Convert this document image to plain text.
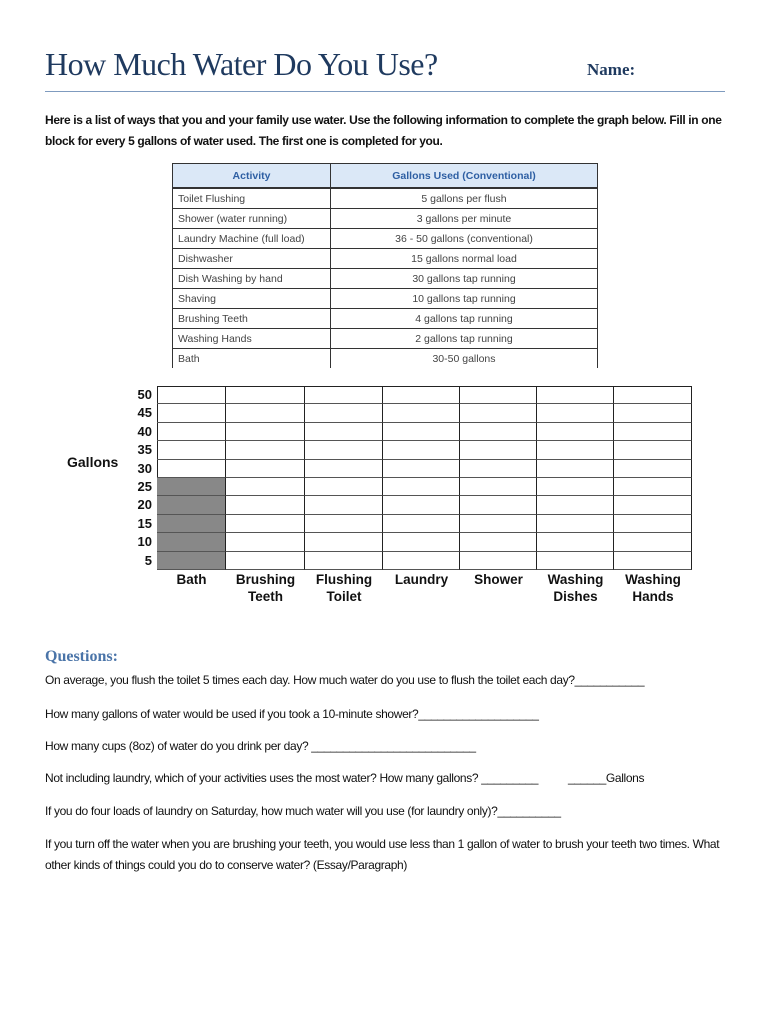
How Much Water Do You Use?	Name:
Here is a list of ways that you and your family use water. Use the following information to complete the graph below. Fill in one block for every 5 gallons of water used. The first one is completed for you.
Activity	Gallons Used (Conventional)
Toilet Flushing	5 gallons per flush
Shower (water running)	3 gallons per minute
Laundry Machine (full load)	36 - 50 gallons (conventional)
Dishwasher	15 gallons normal load
Dish Washing by hand	30 gallons tap running
Shaving	10 gallons tap running
Brushing Teeth	4 gallons tap running
Washing Hands	2 gallons tap running
Bath	30-50 gallons
Gallons
50
45
40
35
30
25
20
15
10
5
Bath	Brushing
Teeth
Flushing
Toilet
Laundry	Shower	Washing
Dishes
Washing
Hands
Questions:
On average, you flush the toilet 5 times each day. How much water do you use to flush the toilet each day?___________
How many gallons of water would be used if you took a 10-minute shower?___________________
How many cups (8oz) of water do you drink per day? __________________________
Not including laundry, which of your activities uses the most water? How many gallons? _________          ______Gallons
If you do four loads of laundry on Saturday, how much water will you use (for laundry only)?__________
If you turn off the water when you are brushing your teeth, you would use less than 1 gallon of water to brush your teeth two times. What other kinds of things could you do to conserve water? (Essay/Paragraph)
